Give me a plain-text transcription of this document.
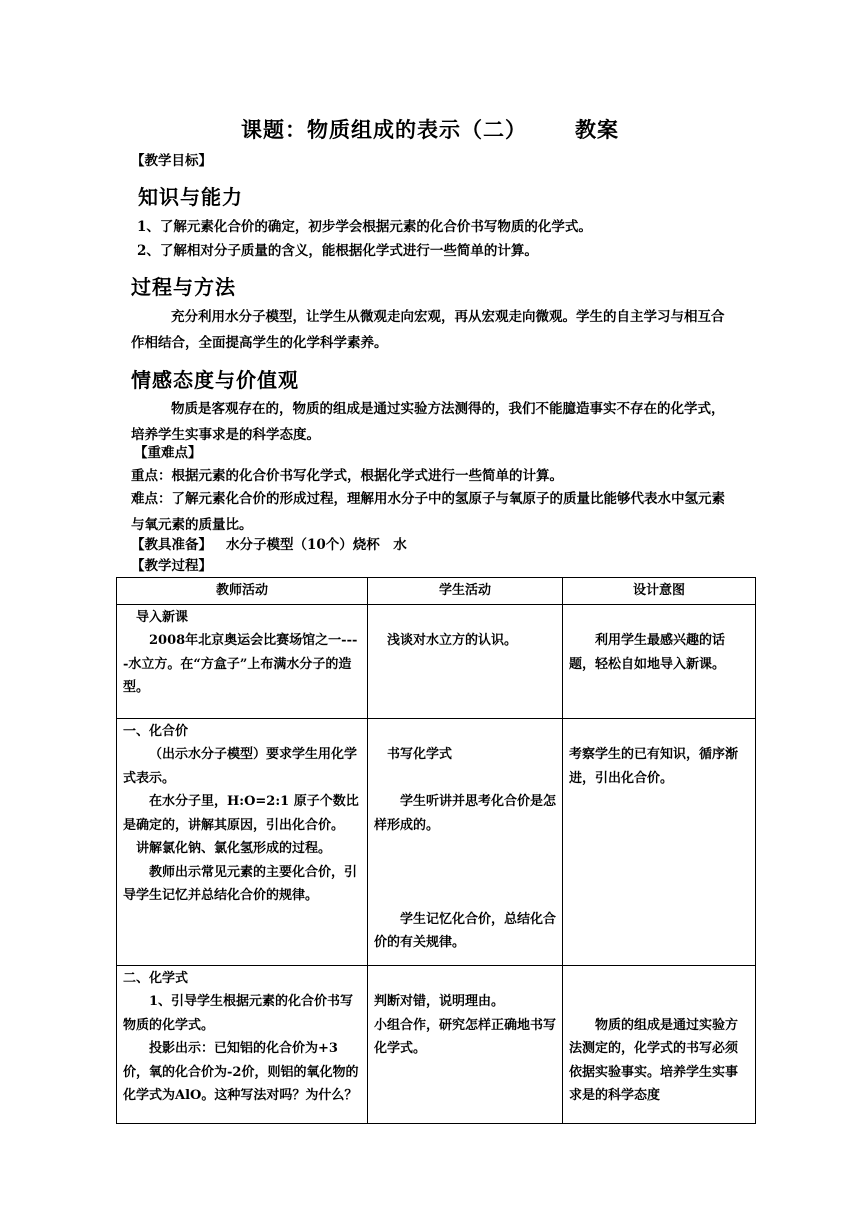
课题：物质组成的表示（二） 教案
【教学目标】
知识与能力
1、了解元素化合价的确定，初步学会根据元素的化合价书写物质的化学式。
2、了解相对分子质量的含义，能根据化学式进行一些简单的计算。
过程与方法
充分利用水分子模型，让学生从微观走向宏观，再从宏观走向微观。学生的自主学习与相互合作相结合，全面提高学生的化学科学素养。
情感态度与价值观
物质是客观存在的，物质的组成是通过实验方法测得的，我们不能臆造事实不存在的化学式，培养学生实事求是的科学态度。
【重难点】
重点：根据元素的化合价书写化学式，根据化学式进行一些简单的计算。
难点：了解元素化合价的形成过程，理解用水分子中的氢原子与氧原子的质量比能够代表水中氢元素与氧元素的质量比。
【教具准备】 水分子模型（10个）烧杯　水
【教学过程】
教师活动	学生活动	设计意图

导入新课
2008年北京奥运会比赛场馆之一----水立方。在“方盒子”上布满水分子的造型。	浅谈对水立方的认识。	利用学生最感兴趣的话题，轻松自如地导入新课。

一、化合价
（出示水分子模型）要求学生用化学式表示。
在水分子里，H:O=2:1 原子个数比是确定的，讲解其原因，引出化合价。
讲解氯化钠、氯化氢形成的过程。
教师出示常见元素的主要化合价，引导学生记忆并总结化合价的规律。	书写化学式
学生听讲并思考化合价是怎样形成的。
学生记忆化合价，总结化合价的有关规律。	考察学生的已有知识，循序渐进，引出化合价。

二、化学式
1、引导学生根据元素的化合价书写物质的化学式。
投影出示：已知铝的化合价为+3价，氧的化合价为-2价，则铝的氧化物的化学式为AlO。这种写法对吗？为什么？	判断对错，说明理由。
小组合作，研究怎样正确地书写化学式。	物质的组成是通过实验方法测定的，化学式的书写必须依据实验事实。培养学生实事求是的科学态度
